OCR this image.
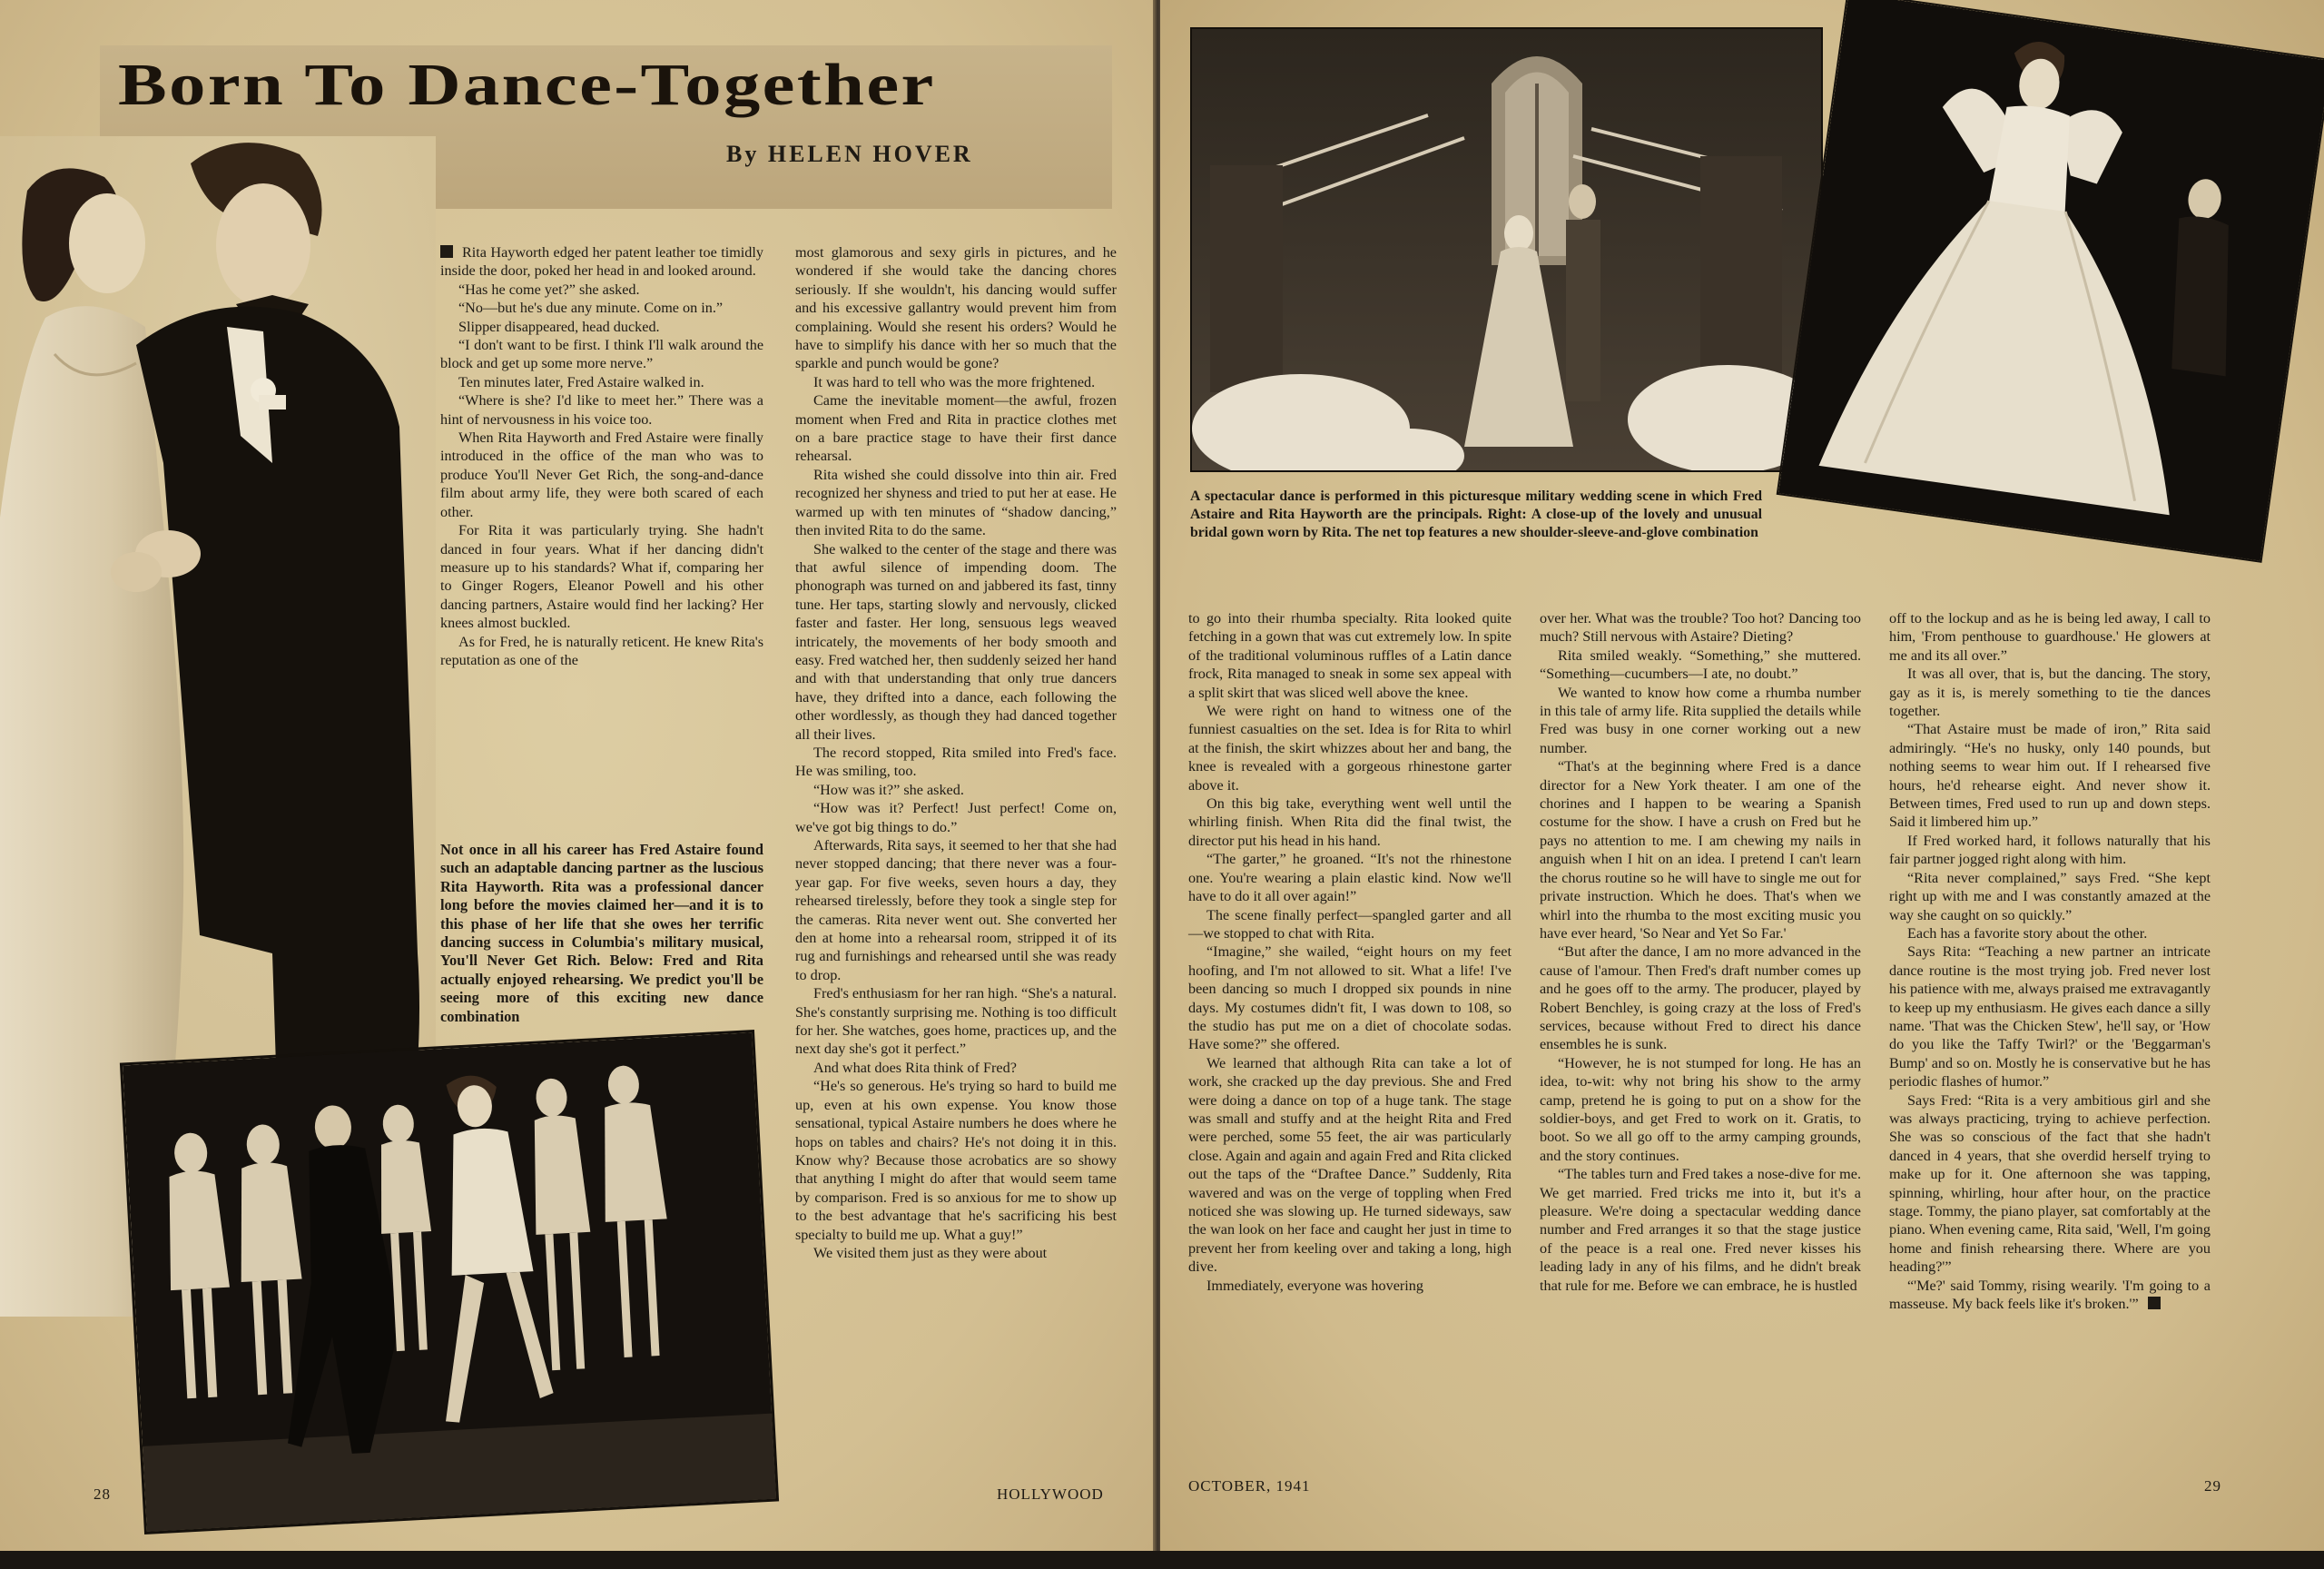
Born To Dance-Together
By HELEN HOVER

Rita Hayworth edged her patent leather toe timidly inside the door, poked her head in and looked around.

“Has he come yet?” she asked.

“No—but he's due any minute. Come on in.”

Slipper disappeared, head ducked.

“I don't want to be first. I think I'll walk around the block and get up some more nerve.”

Ten minutes later, Fred Astaire walked in.

“Where is she? I'd like to meet her.” There was a hint of nervousness in his voice too.

When Rita Hayworth and Fred Astaire were finally introduced in the office of the man who was to produce You'll Never Get Rich, the song-and-dance film about army life, they were both scared of each other.

For Rita it was particularly trying. She hadn't danced in four years. What if her dancing didn't measure up to his standards? What if, comparing her to Ginger Rogers, Eleanor Powell and his other dancing partners, Astaire would find her lacking? Her knees almost buckled.

As for Fred, he is naturally reticent. He knew Rita's reputation as one of the

Not once in all his career has Fred Astaire found such an adaptable dancing partner as the luscious Rita Hayworth. Rita was a professional dancer long before the movies claimed her—and it is to this phase of her life that she owes her terrific dancing success in Columbia's military musical, You'll Never Get Rich. Below: Fred and Rita actually enjoyed rehearsing. We predict you'll be seeing more of this exciting new dance combination

most glamorous and sexy girls in pictures, and he wondered if she would take the dancing chores seriously. If she wouldn't, his dancing would suffer and his excessive gallantry would prevent him from complaining. Would she resent his orders? Would he have to simplify his dance with her so much that the sparkle and punch would be gone?

It was hard to tell who was the more frightened.

Came the inevitable moment—the awful, frozen moment when Fred and Rita in practice clothes met on a bare practice stage to have their first dance rehearsal.

Rita wished she could dissolve into thin air. Fred recognized her shyness and tried to put her at ease. He warmed up with ten minutes of “shadow dancing,” then invited Rita to do the same.

She walked to the center of the stage and there was that awful silence of impending doom. The phonograph was turned on and jabbered its fast, tinny tune. Her taps, starting slowly and nervously, clicked faster and faster. Her long, sensuous legs weaved intricately, the movements of her body smooth and easy. Fred watched her, then suddenly seized her hand and with that understanding that only true dancers have, they drifted into a dance, each following the other wordlessly, as though they had danced together all their lives.

The record stopped, Rita smiled into Fred's face. He was smiling, too.

“How was it?” she asked.

“How was it? Perfect! Just perfect! Come on, we've got big things to do.”

Afterwards, Rita says, it seemed to her that she had never stopped dancing; that there never was a four-year gap. For five weeks, seven hours a day, they rehearsed tirelessly, before they took a single step for the cameras. Rita never went out. She converted her den at home into a rehearsal room, stripped it of its rug and furnishings and rehearsed until she was ready to drop.

Fred's enthusiasm for her ran high. “She's a natural. She's constantly surprising me. Nothing is too difficult for her. She watches, goes home, practices up, and the next day she's got it perfect.”

And what does Rita think of Fred?

“He's so generous. He's trying so hard to build me up, even at his own expense. You know those sensational, typical Astaire numbers he does where he hops on tables and chairs? He's not doing it in this. Know why? Because those acrobatics are so showy that anything I might do after that would seem tame by comparison. Fred is so anxious for me to show up to the best advantage that he's sacrificing his best specialty to build me up. What a guy!”

We visited them just as they were about

28	HOLLYWOOD
A spectacular dance is performed in this picturesque military wedding scene in which Fred Astaire and Rita Hayworth are the principals. Right: A close-up of the lovely and unusual bridal gown worn by Rita. The net top features a new shoulder-sleeve-and-glove combination

to go into their rhumba specialty. Rita looked quite fetching in a gown that was cut extremely low. In spite of the traditional voluminous ruffles of a Latin dance frock, Rita managed to sneak in some sex appeal with a split skirt that was sliced well above the knee.

We were right on hand to witness one of the funniest casualties on the set. Idea is for Rita to whirl at the finish, the skirt whizzes about her and bang, the knee is revealed with a gorgeous rhinestone garter above it.

On this big take, everything went well until the whirling finish. When Rita did the final twist, the director put his head in his hand.

“The garter,” he groaned. “It's not the rhinestone one. You're wearing a plain elastic kind. Now we'll have to do it all over again!”

The scene finally perfect—spangled garter and all—we stopped to chat with Rita.

“Imagine,” she wailed, “eight hours on my feet hoofing, and I'm not allowed to sit. What a life! I've been dancing so much I dropped six pounds in nine days. My costumes didn't fit, I was down to 108, so the studio has put me on a diet of chocolate sodas. Have some?” she offered.

We learned that although Rita can take a lot of work, she cracked up the day previous. She and Fred were doing a dance on top of a huge tank. The stage was small and stuffy and at the height Rita and Fred were perched, some 55 feet, the air was particularly close. Again and again and again Fred and Rita clicked out the taps of the “Draftee Dance.” Suddenly, Rita wavered and was on the verge of toppling when Fred noticed she was slowing up. He turned sideways, saw the wan look on her face and caught her just in time to prevent her from keeling over and taking a long, high dive.

Immediately, everyone was hovering

over her. What was the trouble? Too hot? Dancing too much? Still nervous with Astaire? Dieting?

Rita smiled weakly. “Something,” she muttered. “Something—cucumbers—I ate, no doubt.”

We wanted to know how come a rhumba number in this tale of army life. Rita supplied the details while Fred was busy in one corner working out a new number.

“That's at the beginning where Fred is a dance director for a New York theater. I am one of the chorines and I happen to be wearing a Spanish costume for the show. I have a crush on Fred but he pays no attention to me. I am chewing my nails in anguish when I hit on an idea. I pretend I can't learn the chorus routine so he will have to single me out for private instruction. Which he does. That's when we whirl into the rhumba to the most exciting music you have ever heard, 'So Near and Yet So Far.'

“But after the dance, I am no more advanced in the cause of l'amour. Then Fred's draft number comes up and he goes off to the army. The producer, played by Robert Benchley, is going crazy at the loss of Fred's services, because without Fred to direct his dance ensembles he is sunk.

“However, he is not stumped for long. He has an idea, to-wit: why not bring his show to the army camp, pretend he is going to put on a show for the soldier-boys, and get Fred to work on it. Gratis, to boot. So we all go off to the army camping grounds, and the story continues.

“The tables turn and Fred takes a nose-dive for me. We get married. Fred tricks me into it, but it's a pleasure. We're doing a spectacular wedding dance number and Fred arranges it so that the stage justice of the peace is a real one. Fred never kisses his leading lady in any of his films, and he didn't break that rule for me. Before we can embrace, he is hustled

off to the lockup and as he is being led away, I call to him, 'From penthouse to guardhouse.' He glowers at me and its all over.”

It was all over, that is, but the dancing. The story, gay as it is, is merely something to tie the dances together.

“That Astaire must be made of iron,” Rita said admiringly. “He's no husky, only 140 pounds, but nothing seems to wear him out. If I rehearsed five hours, he'd rehearse eight. And never show it. Between times, Fred used to run up and down steps. Said it limbered him up.”

If Fred worked hard, it follows naturally that his fair partner jogged right along with him.

“Rita never complained,” says Fred. “She kept right up with me and I was constantly amazed at the way she caught on so quickly.”

Each has a favorite story about the other.

Says Rita: “Teaching a new partner an intricate dance routine is the most trying job. Fred never lost his patience with me, always praised me extravagantly to keep up my enthusiasm. He gives each dance a silly name. 'That was the Chicken Stew', he'll say, or 'How do you like the Taffy Twirl?' or the 'Beggarman's Bump' and so on. Mostly he is conservative but he has periodic flashes of humor.”

Says Fred: “Rita is a very ambitious girl and she was always practicing, trying to achieve perfection. She was so conscious of the fact that she hadn't danced in 4 years, that she overdid herself trying to make up for it. One afternoon she was tapping, spinning, whirling, hour after hour, on the practice stage. Tommy, the piano player, sat comfortably at the piano. When evening came, Rita said, 'Well, I'm going home and finish rehearsing there. Where are you heading?'”

“'Me?' said Tommy, rising wearily. 'I'm going to a masseuse. My back feels like it's broken.'”

OCTOBER, 1941	29
